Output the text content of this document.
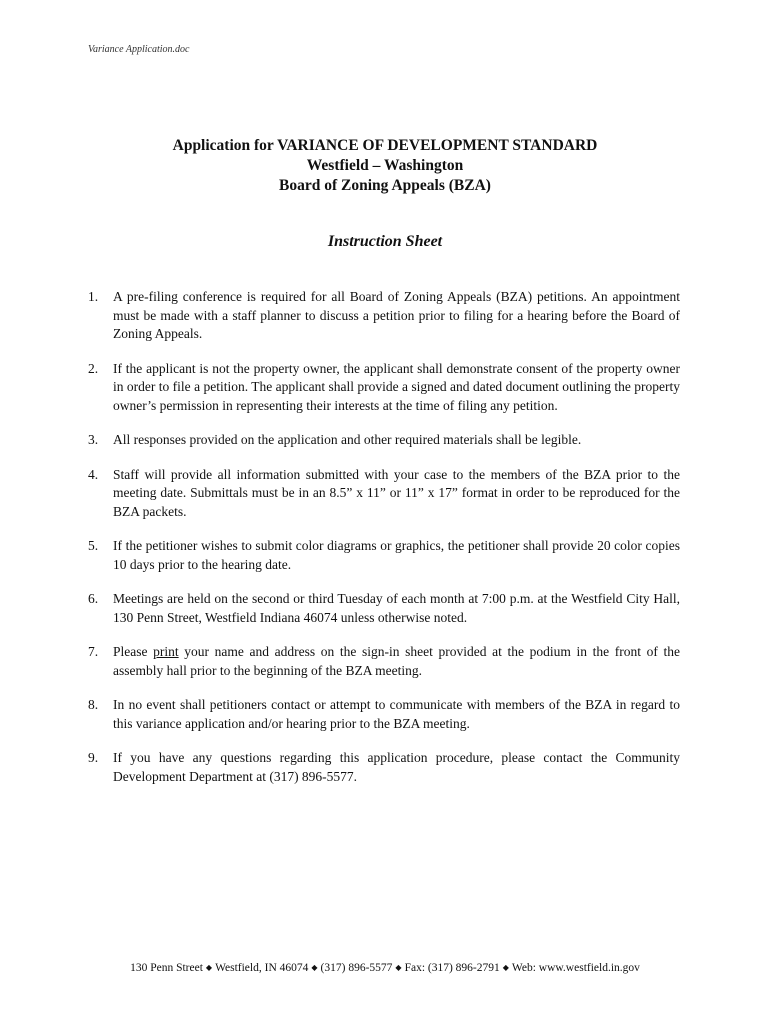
Variance Application.doc
Application for VARIANCE OF DEVELOPMENT STANDARD
Westfield – Washington
Board of Zoning Appeals (BZA)
Instruction Sheet
1.	A pre-filing conference is required for all Board of Zoning Appeals (BZA) petitions. An appointment must be made with a staff planner to discuss a petition prior to filing for a hearing before the Board of Zoning Appeals.
2.	If the applicant is not the property owner, the applicant shall demonstrate consent of the property owner in order to file a petition. The applicant shall provide a signed and dated document outlining the property owner’s permission in representing their interests at the time of filing any petition.
3.	All responses provided on the application and other required materials shall be legible.
4.	Staff will provide all information submitted with your case to the members of the BZA prior to the meeting date. Submittals must be in an 8.5” x 11” or 11” x 17” format in order to be reproduced for the BZA packets.
5.	If the petitioner wishes to submit color diagrams or graphics, the petitioner shall provide 20 color copies 10 days prior to the hearing date.
6.	Meetings are held on the second or third Tuesday of each month at 7:00 p.m. at the Westfield City Hall, 130 Penn Street, Westfield Indiana 46074 unless otherwise noted.
7.	Please print your name and address on the sign-in sheet provided at the podium in the front of the assembly hall prior to the beginning of the BZA meeting.
8.	In no event shall petitioners contact or attempt to communicate with members of the BZA in regard to this variance application and/or hearing prior to the BZA meeting.
9.	If you have any questions regarding this application procedure, please contact the Community Development Department at (317) 896-5577.
130 Penn Street ◆ Westfield, IN 46074 ◆ (317) 896-5577 ◆ Fax: (317) 896-2791 ◆ Web: www.westfield.in.gov
